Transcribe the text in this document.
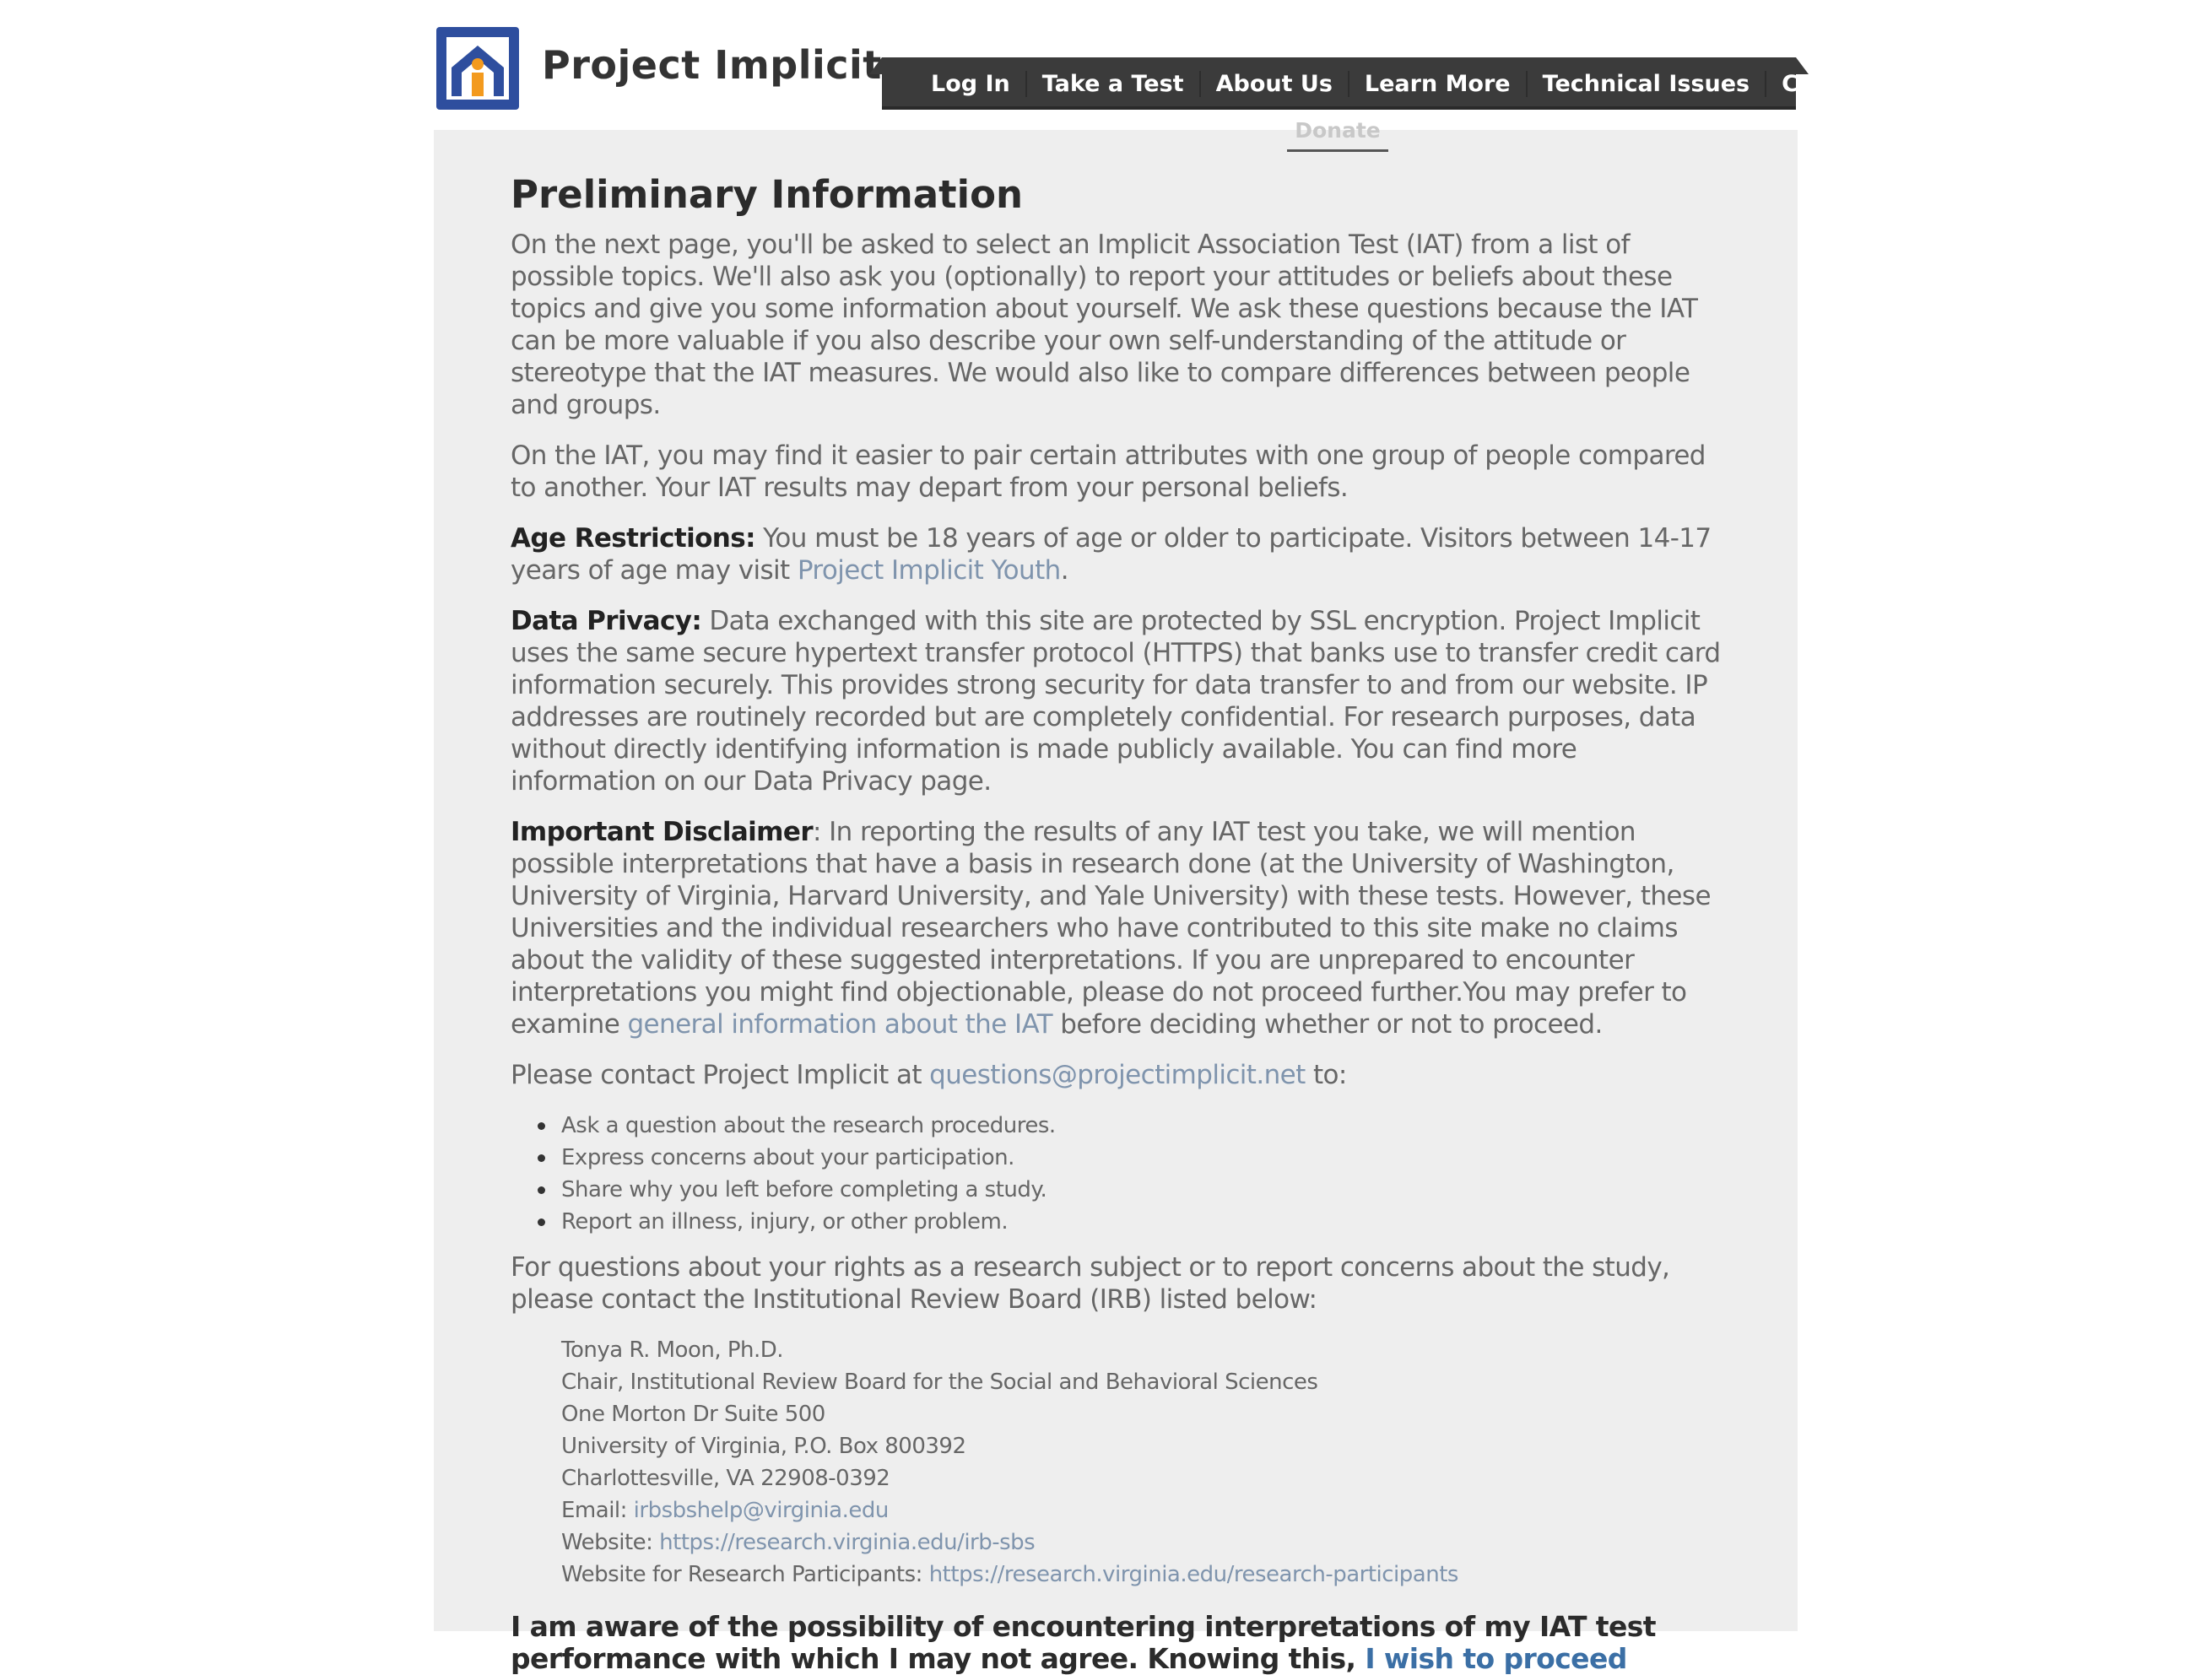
Project Implicit	Log In	Take a Test	About Us	Learn More	Technical Issues	Contact Us
Preliminary Information

On the next page, you'll be asked to select an Implicit Association Test (IAT) from a list of possible topics. We'll also ask you (optionally) to report your attitudes or beliefs about these topics and give you some information about yourself. We ask these questions because the IAT can be more valuable if you also describe your own self-understanding of the attitude or stereotype that the IAT measures. We would also like to compare differences between people and groups.

On the IAT, you may find it easier to pair certain attributes with one group of people compared to another. Your IAT results may depart from your personal beliefs.

Age Restrictions: You must be 18 years of age or older to participate. Visitors between 14-17 years of age may visit Project Implicit Youth.

Data Privacy: Data exchanged with this site are protected by SSL encryption. Project Implicit uses the same secure hypertext transfer protocol (HTTPS) that banks use to transfer credit card information securely. This provides strong security for data transfer to and from our website. IP addresses are routinely recorded but are completely confidential. For research purposes, data without directly identifying information is made publicly available. You can find more information on our Data Privacy page.

Important Disclaimer: In reporting the results of any IAT test you take, we will mention possible interpretations that have a basis in research done (at the University of Washington, University of Virginia, Harvard University, and Yale University) with these tests. However, these Universities and the individual researchers who have contributed to this site make no claims about the validity of these suggested interpretations. If you are unprepared to encounter interpretations you might find objectionable, please do not proceed further.You may prefer to examine general information about the IAT before deciding whether or not to proceed.

Please contact Project Implicit at questions@projectimplicit.net to:

Ask a question about the research procedures.
Express concerns about your participation.
Share why you left before completing a study.
Report an illness, injury, or other problem.

For questions about your rights as a research subject or to report concerns about the study, please contact the Institutional Review Board (IRB) listed below:

Tonya R. Moon, Ph.D.
Chair, Institutional Review Board for the Social and Behavioral Sciences
One Morton Dr Suite 500
University of Virginia, P.O. Box 800392
Charlottesville, VA 22908-0392
Email: irbsbshelp@virginia.edu
Website: https://research.virginia.edu/irb-sbs
Website for Research Participants: https://research.virginia.edu/research-participants
I am aware of the possibility of encountering interpretations of my IAT test performance with which I may not agree. Knowing this, I wish to proceed
Donate
